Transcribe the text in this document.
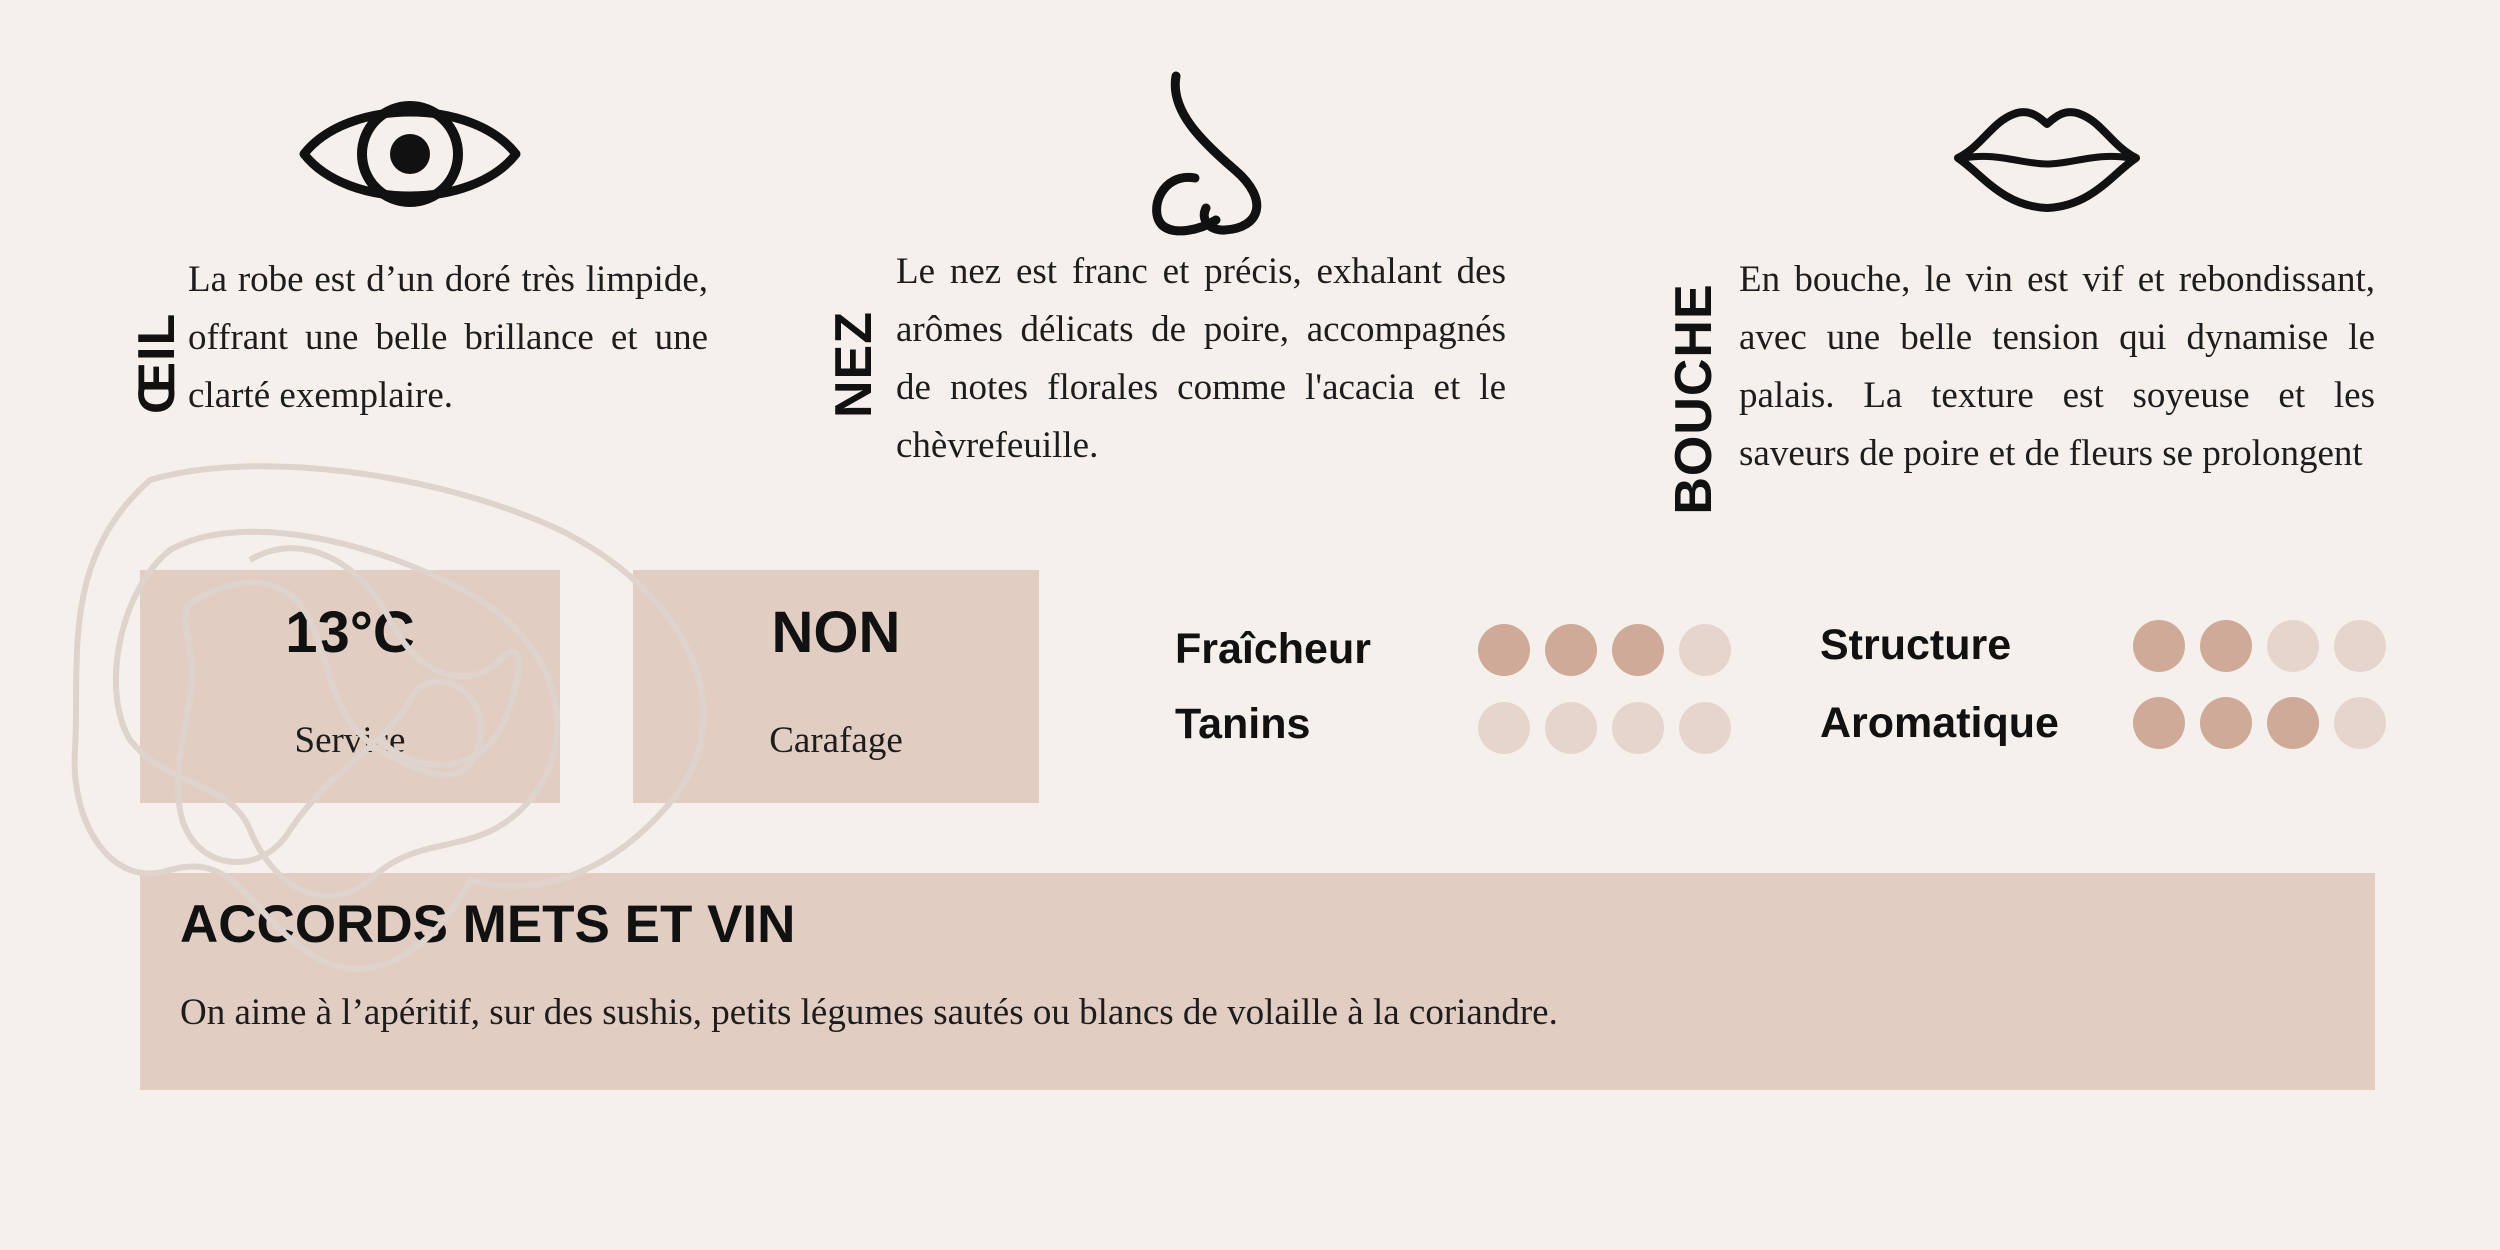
ŒIL

La robe est d’un doré très limpide, offrant une belle brillance et une clarté exemplaire.	NEZ

Le nez est franc et précis, exhalant des arômes délicats de poire, accompagnés de notes florales comme l'acacia et le chèvrefeuille.	BOUCHE

En bouche, le vin est vif et rebondissant, avec une belle tension qui dynamise le palais. La texture est soyeuse et les saveurs de poire et de fleurs se prolongent

13°C
Service
NON
Carafage
Fraîcheur
Tanins
Structure
Aromatique
ACCORDS METS ET VIN

On aime à l’apéritif, sur des sushis, petits légumes sautés ou blancs de volaille à la coriandre.
